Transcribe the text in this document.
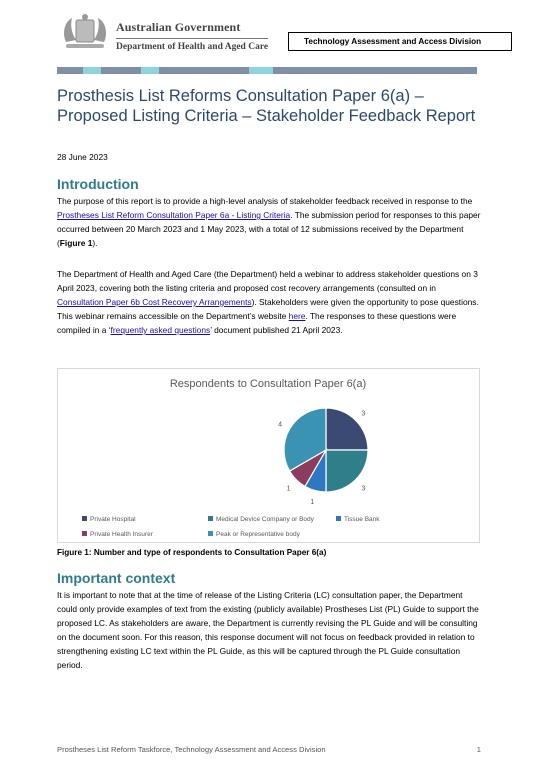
Australian Government
Department of Health and Aged Care
Technology Assessment and Access Division
Prosthesis List Reforms Consultation Paper 6(a) – Proposed Listing Criteria – Stakeholder Feedback Report
28 June 2023
Introduction

The purpose of this report is to provide a high-level analysis of stakeholder feedback received in response to the Prostheses List Reform Consultation Paper 6a - Listing Criteria. The submission period for responses to this paper occurred between 20 March 2023 and 1 May 2023, with a total of 12 submissions received by the Department (Figure 1).

The Department of Health and Aged Care (the Department) held a webinar to address stakeholder questions on 3 April 2023, covering both the listing criteria and proposed cost recovery arrangements (consulted on in Consultation Paper 6b Cost Recovery Arrangements). Stakeholders were given the opportunity to pose questions. This webinar remains accessible on the Department’s website here. The responses to these questions were compiled in a ‘frequently asked questions’ document published 21 April 2023.

Respondents to Consultation Paper 6(a)
3
3
1
1
4
Private Hospital	Medical Device Company or Body	Tissue Bank
Private Health Insurer	Peak or Representative body
Figure 1: Number and type of respondents to Consultation Paper 6(a)
Important context

It is important to note that at the time of release of the Listing Criteria (LC) consultation paper, the Department could only provide examples of text from the existing (publicly available) Prostheses List (PL) Guide to support the proposed LC. As stakeholders are aware, the Department is currently revising the PL Guide and will be consulting on the document soon. For this reason, this response document will not focus on feedback provided in relation to strengthening existing LC text within the PL Guide, as this will be captured through the PL Guide consultation period.

Prostheses List Reform Taskforce, Technology Assessment and Access Division	1
